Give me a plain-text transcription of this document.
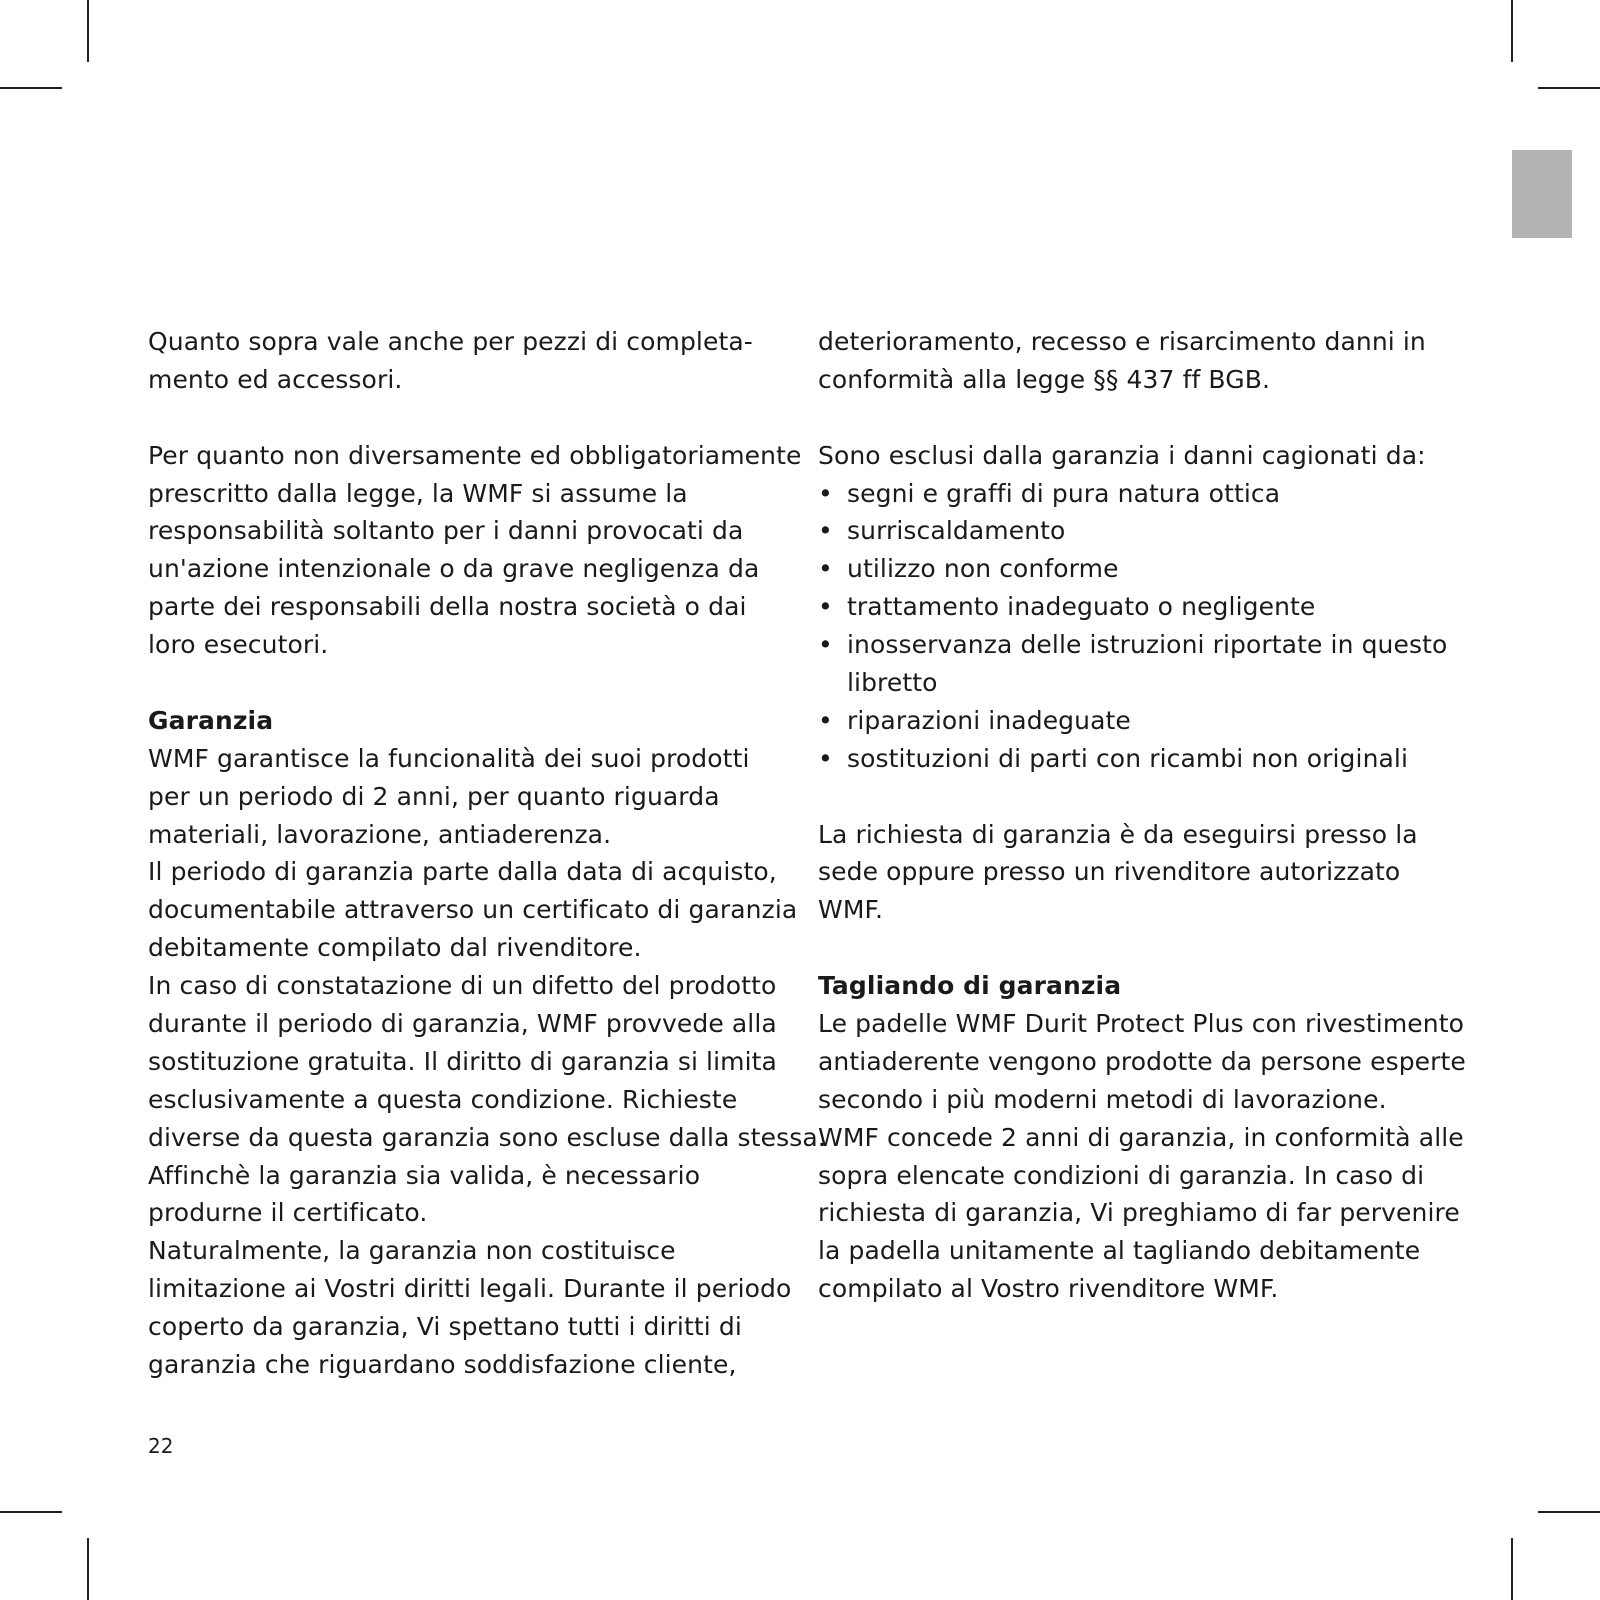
Quanto sopra vale anche per pezzi di completa-
mento ed accessori.
Per quanto non diversamente ed obbligatoriamente
prescritto dalla legge, la WMF si assume la
responsabilità soltanto per i danni provocati da
un'azione intenzionale o da grave negligenza da
parte dei responsabili della nostra società o dai
loro esecutori.
Garanzia
WMF garantisce la funcionalità dei suoi prodotti
per un periodo di 2 anni, per quanto riguarda
materiali, lavorazione, antiaderenza.
Il periodo di garanzia parte dalla data di acquisto,
documentabile attraverso un certificato di garanzia
debitamente compilato dal rivenditore.
In caso di constatazione di un difetto del prodotto
durante il periodo di garanzia, WMF provvede alla
sostituzione gratuita. Il diritto di garanzia si limita
esclusivamente a questa condizione. Richieste
diverse da questa garanzia sono escluse dalla stessa.
Affinchè la garanzia sia valida, è necessario
produrne il certificato.
Naturalmente, la garanzia non costituisce
limitazione ai Vostri diritti legali. Durante il periodo
coperto da garanzia, Vi spettano tutti i diritti di
garanzia che riguardano soddisfazione cliente,
deterioramento, recesso e risarcimento danni in
conformità alla legge §§ 437 ff BGB.
Sono esclusi dalla garanzia i danni cagionati da:
• segni e graffi di pura natura ottica
• surriscaldamento
• utilizzo non conforme
• trattamento inadeguato o negligente
• inosservanza delle istruzioni riportate in questo
libretto
• riparazioni inadeguate
• sostituzioni di parti con ricambi non originali
La richiesta di garanzia è da eseguirsi presso la
sede oppure presso un rivenditore autorizzato
WMF.
Tagliando di garanzia
Le padelle WMF Durit Protect Plus con rivestimento
antiaderente vengono prodotte da persone esperte
secondo i più moderni metodi di lavorazione.
WMF concede 2 anni di garanzia, in conformità alle
sopra elencate condizioni di garanzia. In caso di
richiesta di garanzia, Vi preghiamo di far pervenire
la padella unitamente al tagliando debitamente
compilato al Vostro rivenditore WMF.
22
